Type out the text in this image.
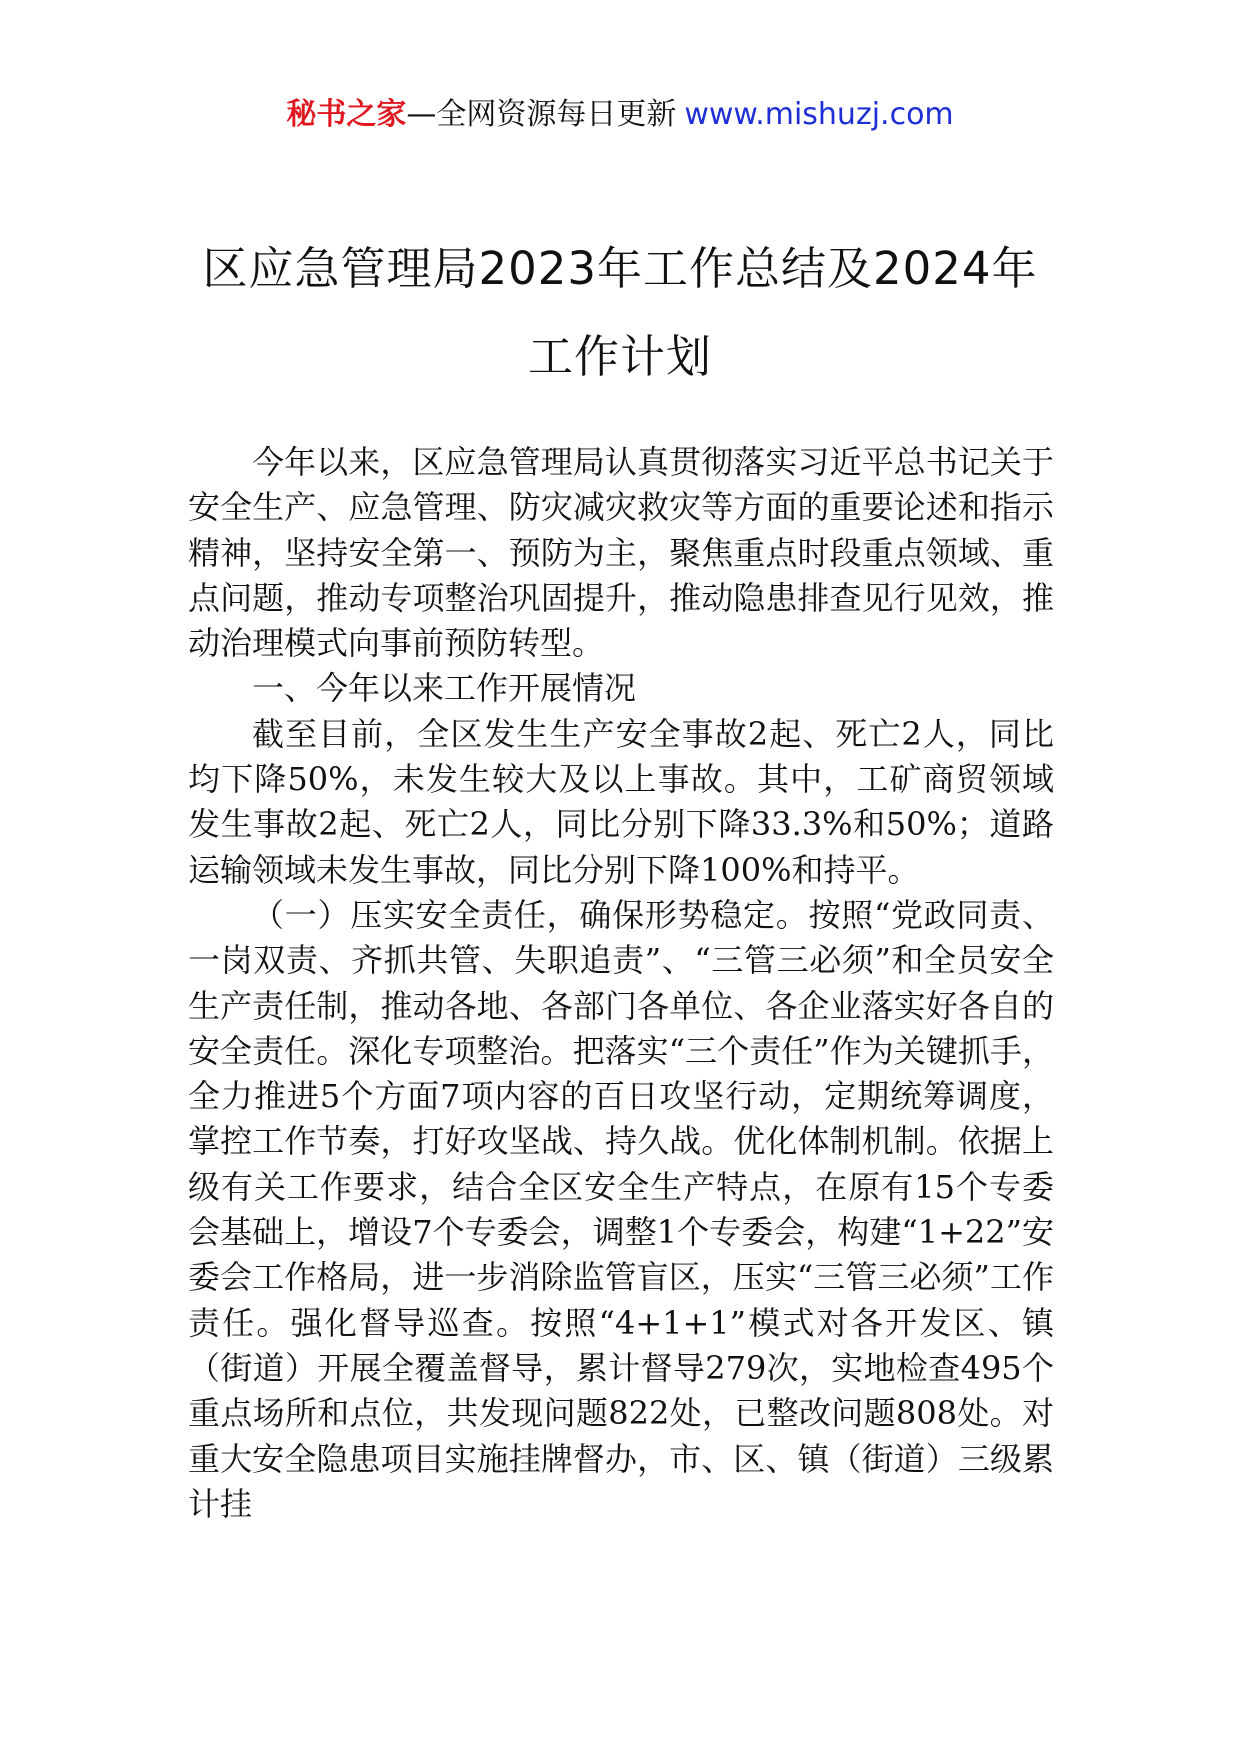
秘书之家—全网资源每日更新 www.mishuzj.com
区应急管理局2023年工作总结及2024年
工作计划

今年以来，区应急管理局认真贯彻落实习近平总书记关于安全生产、应急管理、防灾减灾救灾等方面的重要论述和指示精神，坚持安全第一、预防为主，聚焦重点时段重点领域、重点问题，推动专项整治巩固提升，推动隐患排查见行见效，推动治理模式向事前预防转型。

一、今年以来工作开展情况

截至目前，全区发生生产安全事故2起、死亡2人，同比均下降50%，未发生较大及以上事故。其中，工矿商贸领域发生事故2起、死亡2人，同比分别下降33.3%和50%；道路运输领域未发生事故，同比分别下降100%和持平。

（一）压实安全责任，确保形势稳定。按照“党政同责、一岗双责、齐抓共管、失职追责”、“三管三必须”和全员安全生产责任制，推动各地、各部门各单位、各企业落实好各自的安全责任。深化专项整治。把落实“三个责任”作为关键抓手，全力推进5个方面7项内容的百日攻坚行动，定期统筹调度，掌控工作节奏，打好攻坚战、持久战。优化体制机制。依据上级有关工作要求，结合全区安全生产特点，在原有15个专委会基础上，增设7个专委会，调整1个专委会，构建“1+22”安委会工作格局，进一步消除监管盲区，压实“三管三必须”工作责任。强化督导巡查。按照“4+1+1”模式对各开发区、镇（街道）开展全覆盖督导，累计督导279次，实地检查495个重点场所和点位，共发现问题822处，已整改问题808处。对重大安全隐患项目实施挂牌督办，市、区、镇（街道）三级累计挂
